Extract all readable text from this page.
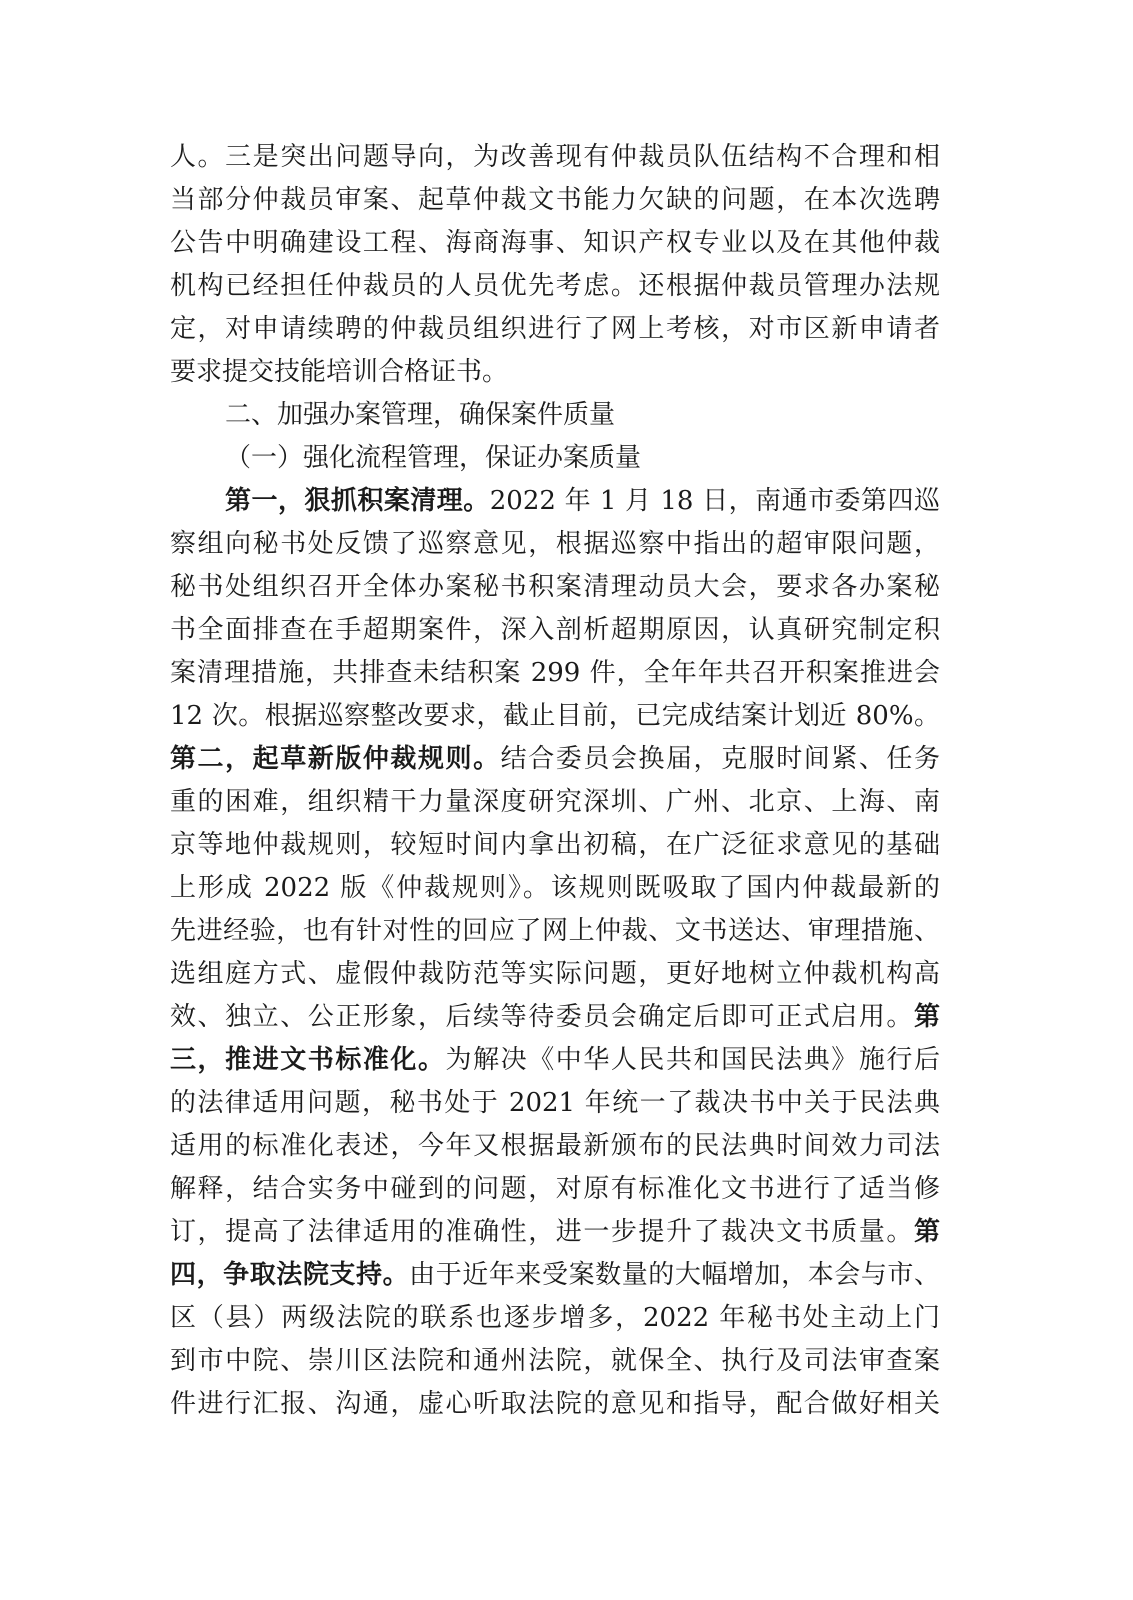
人。三是突出问题导向，为改善现有仲裁员队伍结构不合理和相
当部分仲裁员审案、起草仲裁文书能力欠缺的问题，在本次选聘
公告中明确建设工程、海商海事、知识产权专业以及在其他仲裁
机构已经担任仲裁员的人员优先考虑。还根据仲裁员管理办法规
定，对申请续聘的仲裁员组织进行了网上考核，对市区新申请者
要求提交技能培训合格证书。
二、加强办案管理，确保案件质量
（一）强化流程管理，保证办案质量
第一，狠抓积案清理。2022 年 1 月 18 日，南通市委第四巡
察组向秘书处反馈了巡察意见，根据巡察中指出的超审限问题，
秘书处组织召开全体办案秘书积案清理动员大会，要求各办案秘
书全面排查在手超期案件，深入剖析超期原因，认真研究制定积
案清理措施，共排查未结积案 299 件，全年年共召开积案推进会
12 次。根据巡察整改要求，截止目前，已完成结案计划近 80%。
第二，起草新版仲裁规则。结合委员会换届，克服时间紧、任务
重的困难，组织精干力量深度研究深圳、广州、北京、上海、南
京等地仲裁规则，较短时间内拿出初稿，在广泛征求意见的基础
上形成 2022 版《仲裁规则》。该规则既吸取了国内仲裁最新的
先进经验，也有针对性的回应了网上仲裁、文书送达、审理措施、
选组庭方式、虚假仲裁防范等实际问题，更好地树立仲裁机构高
效、独立、公正形象，后续等待委员会确定后即可正式启用。第
三，推进文书标准化。为解决《中华人民共和国民法典》施行后
的法律适用问题，秘书处于 2021 年统一了裁决书中关于民法典
适用的标准化表述，今年又根据最新颁布的民法典时间效力司法
解释，结合实务中碰到的问题，对原有标准化文书进行了适当修
订，提高了法律适用的准确性，进一步提升了裁决文书质量。第
四，争取法院支持。由于近年来受案数量的大幅增加，本会与市、
区（县）两级法院的联系也逐步增多，2022 年秘书处主动上门
到市中院、崇川区法院和通州法院，就保全、执行及司法审查案
件进行汇报、沟通，虚心听取法院的意见和指导，配合做好相关
